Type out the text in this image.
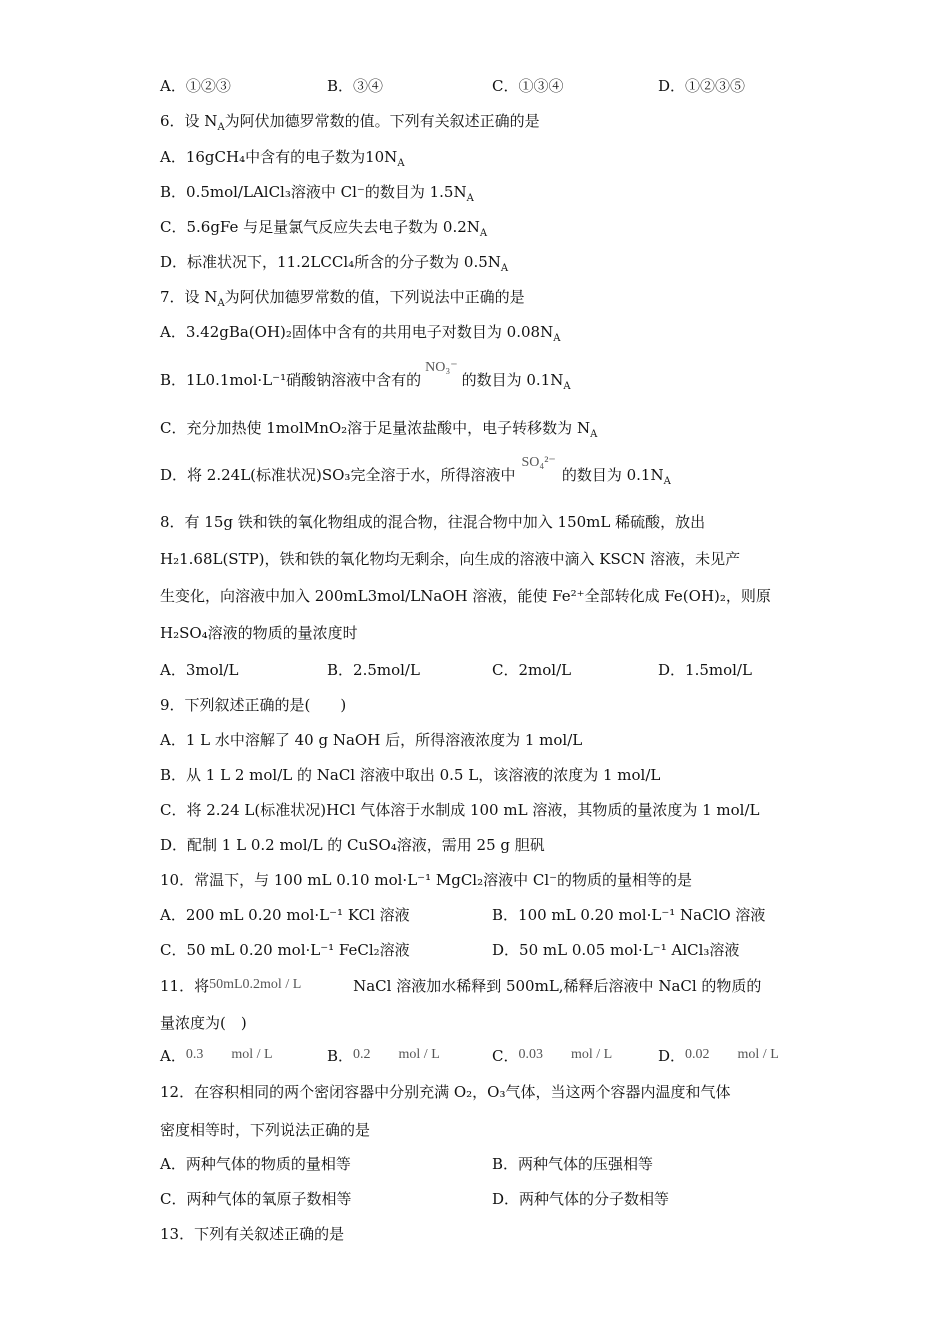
A．①②③	B．③④	C．①③④	D．①②③⑤
6．设 $N_A$为阿伏加德罗常数的值。下列有关叙述正确的是
A．16gCH₄中含有的电子数为$10N_A$
B．0.5mol/LAlCl₃溶液中 Cl⁻的数目为 $1.5N_A$
C．5.6gFe 与足量氯气反应失去电子数为 $0.2N_A$
D．标准状况下，11.2LCCl₄所含的分子数为 $0.5N_A$
7．设 $N_A$为阿伏加德罗常数的值，下列说法中正确的是
A．3.42gBa(OH)₂固体中含有的共用电子对数目为 $0.08N_A$
B．1L0.1mol·L⁻¹硝酸钠溶液中含有的NO₃⁻的数目为 $0.1N_A$
C．充分加热使 1molMnO₂溶于足量浓盐酸中，电子转移数为 $N_A$
D．将 2.24L(标准状况)SO₃完全溶于水，所得溶液中SO₄²⁻的数目为 $0.1N_A$
8．有 15g 铁和铁的氧化物组成的混合物，往混合物中加入 150mL 稀硫酸，放出
H₂1.68L(STP)，铁和铁的氧化物均无剩余，向生成的溶液中滴入 KSCN 溶液，未见产
生变化，向溶液中加入 200mL3mol/LNaOH 溶液，能使 Fe²⁺全部转化成 Fe(OH)₂，则原
H₂SO₄溶液的物质的量浓度时
A．3mol/L	B．2.5mol/L	C．2mol/L	D．1.5mol/L
9．下列叙述正确的是(　　)
A．1 L 水中溶解了 40 g NaOH 后，所得溶液浓度为 1 mol/L
B．从 1 L 2 mol/L 的 NaCl 溶液中取出 0.5 L，该溶液的浓度为 1 mol/L
C．将 2.24 L(标准状况)HCl 气体溶于水制成 100 mL 溶液，其物质的量浓度为 1 mol/L
D．配制 1 L 0.2 mol/L 的 CuSO₄溶液，需用 25 g 胆矾
10．常温下，与 100 mL 0.10 mol·L⁻¹ MgCl₂溶液中 Cl⁻的物质的量相等的是
A．200 mL 0.20 mol·L⁻¹ KCl 溶液	B．100 mL 0.20 mol·L⁻¹ NaClO 溶液
C．50 mL 0.20 mol·L⁻¹ FeCl₂溶液	D．50 mL 0.05 mol·L⁻¹ AlCl₃溶液
11．将50mL0.2mol / L	NaCl 溶液加水稀释到 500mL,稀释后溶液中 NaCl 的物质的
量浓度为(　)
A．0.3　　mol / L	B．0.2　　mol / L	C．0.03　　mol / L	D．0.02　　mol / L
12．在容积相同的两个密闭容器中分别充满 O₂，O₃气体，当这两个容器内温度和气体
密度相等时，下列说法正确的是
A．两种气体的物质的量相等	B．两种气体的压强相等
C．两种气体的氧原子数相等	D．两种气体的分子数相等
13．下列有关叙述正确的是
